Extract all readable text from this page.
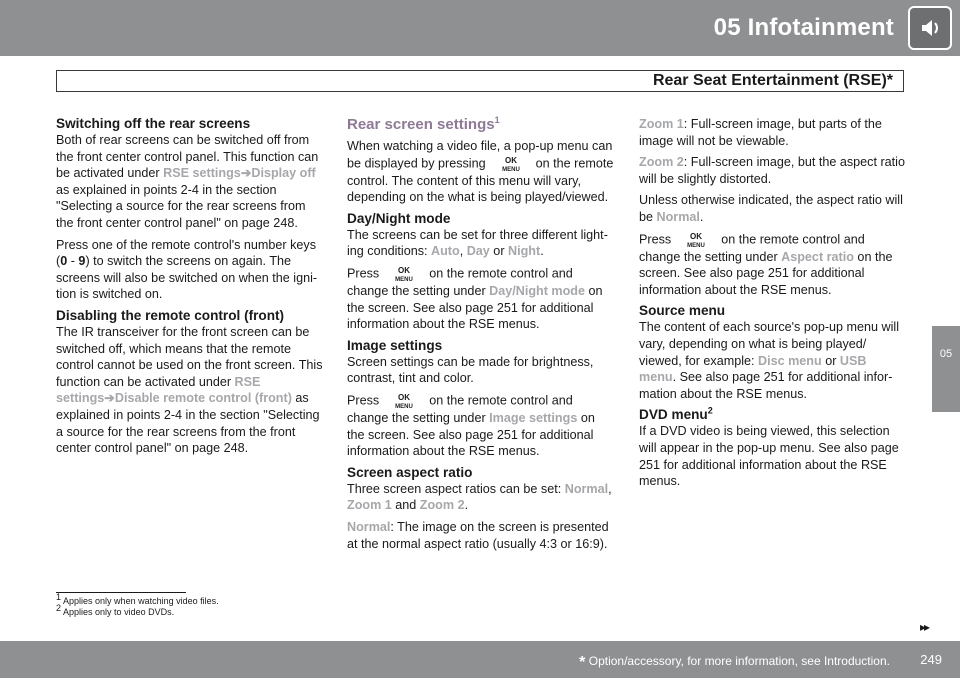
05 Infotainment
Rear Seat Entertainment (RSE)*
05
Switching off the rear screens

Both of rear screens can be switched off from the front center control panel. This function can be activated under RSE settings➔Display off as explained in points 2-4 in the section "Selecting a source for the rear screens from the front center control panel" on page 248.

Press one of the remote control's number keys (0 - 9) to switch the screens on again. The screens will also be switched on when the ignition is switched on.

Disabling the remote control (front)

The IR transceiver for the front screen can be switched off, which means that the remote control cannot be used on the front screen. This function can be activated under RSE settings➔Disable remote control (front) as explained in points 2-4 in the section "Selecting a source for the rear screens from the front center control panel" on page 248.

Rear screen settings$^1$

When watching a video file, a pop-up menu can be displayed by pressing OK
MENU on the remote control. The content of this menu will vary, depending on the what is being played/viewed.

Day/Night mode

The screens can be set for three different lighting conditions: Auto, Day or Night.

Press OK
MENU on the remote control and change the setting under Day/Night mode on the screen. See also page 251 for additional information about the RSE menus.

Image settings

Screen settings can be made for brightness, contrast, tint and color.

Press OK
MENU on the remote control and change the setting under Image settings on the screen. See also page 251 for additional information about the RSE menus.

Screen aspect ratio

Three screen aspect ratios can be set: Normal, Zoom 1 and Zoom 2.

Normal: The image on the screen is presented at the normal aspect ratio (usually 4:3 or 16:9).

Zoom 1: Full-screen image, but parts of the image will not be viewable.

Zoom 2: Full-screen image, but the aspect ratio will be slightly distorted.

Unless otherwise indicated, the aspect ratio will be Normal.

Press OK
MENU on the remote control and change the setting under Aspect ratio on the screen. See also page 251 for additional information about the RSE menus.

Source menu

The content of each source's pop-up menu will vary, depending on what is being played/ viewed, for example: Disc menu or USB menu. See also page 251 for additional information about the RSE menus.

DVD menu$^2$

If a DVD video is being viewed, this selection will appear in the pop-up menu. See also page 251 for additional information about the RSE menus.

$^1$ Applies only when watching video files.
$^2$ Applies only to video DVDs.
▸▸
* Option/accessory, for more information, see Introduction. 249
